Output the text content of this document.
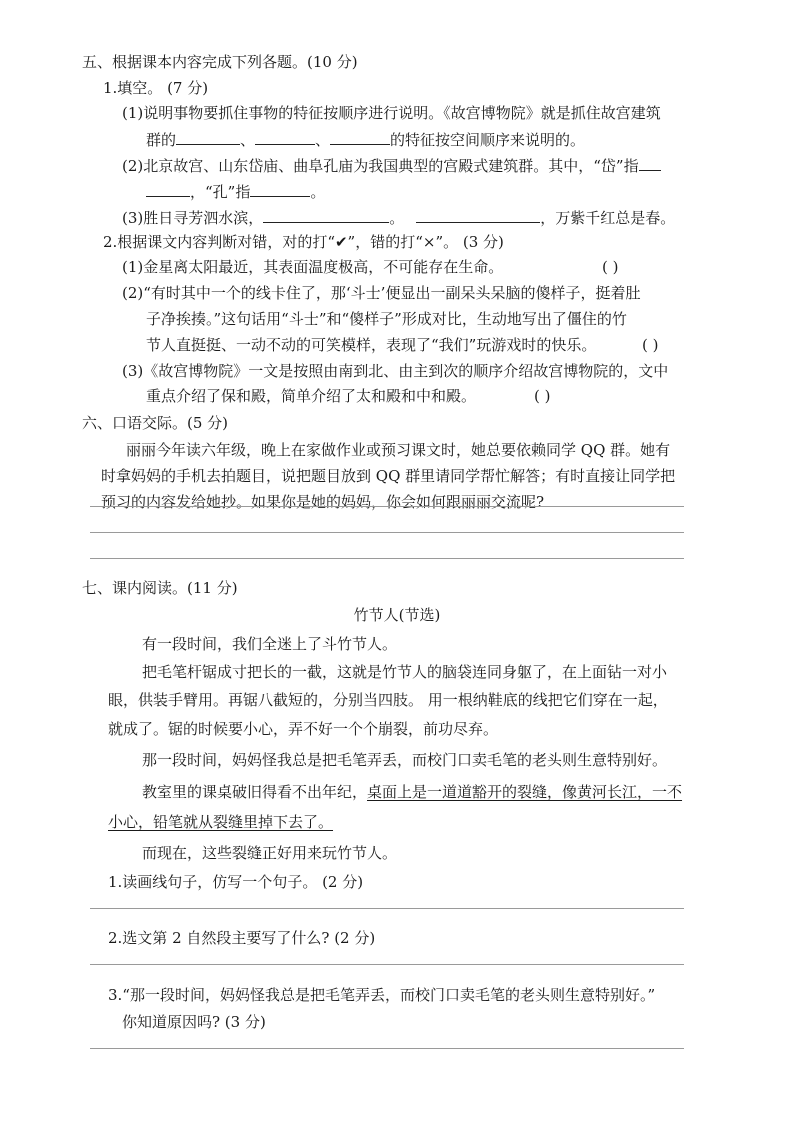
五、根据课本内容完成下列各题。(10 分)
1.填空。 (7 分)
(1)说明事物要抓住事物的特征按顺序进行说明。《故宫博物院》就是抓住故宫建筑
群的	、	、	的特征按空间顺序来说明的。
(2)北京故宫、山东岱庙、曲阜孔庙为我国典型的宫殿式建筑群。其中，“岱”指
，“孔”指	。
(3)胜日寻芳泗水滨，	。	，万紫千红总是春。
2.根据课文内容判断对错，对的打“✔”，错的打“×”。 (3 分)
(1)金星离太阳最近，其表面温度极高，不可能存在生命。	( )
(2)“有时其中一个的线卡住了，那‘斗士’便显出一副呆头呆脑的傻样子，挺着肚
子净挨揍。”这句话用“斗士”和“傻样子”形成对比，生动地写出了僵住的竹
节人直挺挺、一动不动的可笑模样，表现了“我们”玩游戏时的快乐。	( )
(3)《故宫博物院》一文是按照由南到北、由主到次的顺序介绍故宫博物院的，文中
重点介绍了保和殿，简单介绍了太和殿和中和殿。	( )
六、口语交际。(5 分)
丽丽今年读六年级，晚上在家做作业或预习课文时，她总要依赖同学 QQ 群。她有
时拿妈妈的手机去拍题目，说把题目放到 QQ 群里请同学帮忙解答；有时直接让同学把
预习的内容发给她抄。如果你是她的妈妈，你会如何跟丽丽交流呢?
七、课内阅读。(11 分)
竹节人(节选)
有一段时间，我们全迷上了斗竹节人。
把毛笔杆锯成寸把长的一截，这就是竹节人的脑袋连同身躯了，在上面钻一对小
眼，供装手臂用。再锯八截短的，分别当四肢。 用一根纳鞋底的线把它们穿在一起，
就成了。锯的时候要小心，弄不好一个个崩裂，前功尽弃。
那一段时间，妈妈怪我总是把毛笔弄丢，而校门口卖毛笔的老头则生意特别好。
教室里的课桌破旧得看不出年纪，桌面上是一道道豁开的裂缝，像黄河长江，一不
小心，铅笔就从裂缝里掉下去了。
而现在，这些裂缝正好用来玩竹节人。
1.读画线句子，仿写一个句子。 (2 分)
2.选文第 2 自然段主要写了什么? (2 分)
3.“那一段时间，妈妈怪我总是把毛笔弄丢，而校门口卖毛笔的老头则生意特别好。”
你知道原因吗? (3 分)
